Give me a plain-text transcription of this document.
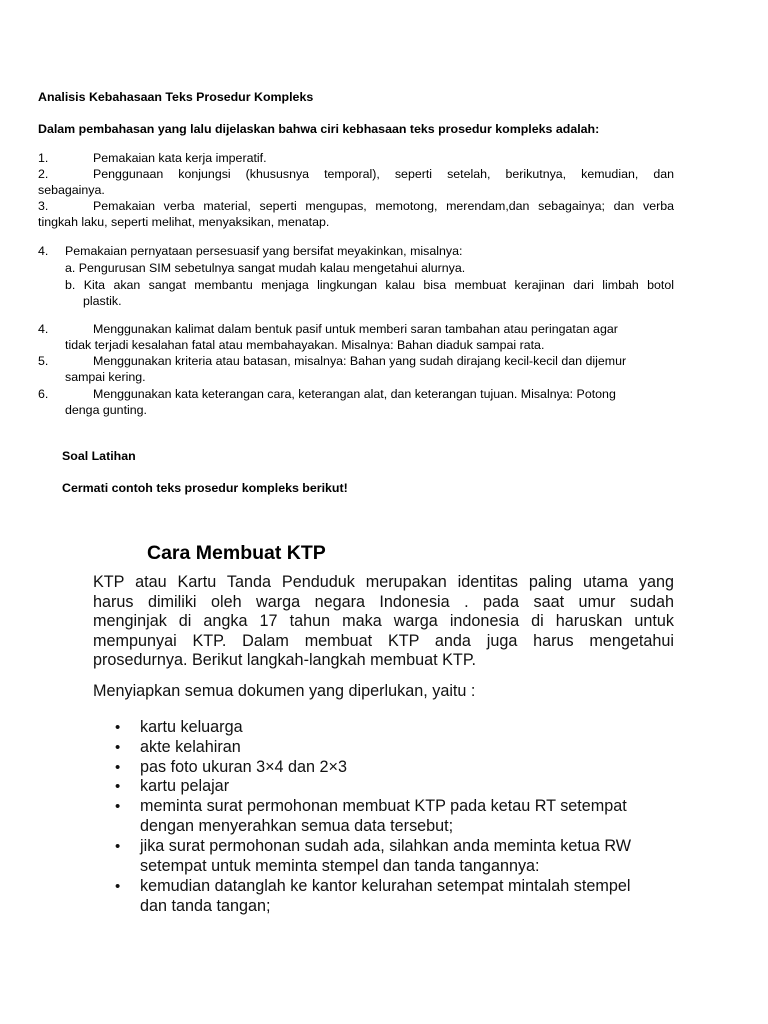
Analisis Kebahasaan Teks Prosedur Kompleks
Dalam pembahasan yang lalu dijelaskan bahwa ciri kebhasaan teks prosedur kompleks adalah:
1.	Pemakaian kata kerja imperatif.
2.	Penggunaan konjungsi (khususnya temporal), seperti setelah, berikutnya, kemudian, dan
sebagainya.
3.	Pemakaian verba material, seperti mengupas, memotong, merendam,dan sebagainya; dan verba
tingkah laku, seperti melihat, menyaksikan, menatap.
4. Pemakaian pernyataan persesuasif yang bersifat meyakinkan, misalnya:
a. Pengurusan SIM sebetulnya sangat mudah kalau mengetahui alurnya.
b. Kita akan sangat membantu menjaga lingkungan kalau bisa membuat kerajinan dari limbah botol
plastik.
4.	Menggunakan kalimat dalam bentuk pasif untuk memberi saran tambahan atau peringatan agar
tidak terjadi kesalahan fatal atau membahayakan. Misalnya: Bahan diaduk sampai rata.
5.	Menggunakan kriteria atau batasan, misalnya: Bahan yang sudah dirajang kecil-kecil dan dijemur
sampai kering.
6.	Menggunakan kata keterangan cara, keterangan alat, dan keterangan tujuan. Misalnya: Potong
denga gunting.
Soal Latihan
Cermati contoh teks prosedur kompleks berikut!
Cara Membuat KTP
KTP atau Kartu Tanda Penduduk merupakan identitas paling utama yang
harus dimiliki oleh warga negara Indonesia . pada saat umur sudah
menginjak di angka 17 tahun maka warga indonesia di haruskan untuk
mempunyai KTP. Dalam membuat KTP anda juga harus mengetahui
prosedurnya. Berikut langkah-langkah membuat KTP.
Menyiapkan semua dokumen yang diperlukan, yaitu :
• kartu keluarga
• akte kelahiran
• pas foto ukuran 3×4 dan 2×3
• kartu pelajar
• meminta surat permohonan membuat KTP pada ketau RT setempat
dengan menyerahkan semua data tersebut;
• jika surat permohonan sudah ada, silahkan anda meminta ketua RW
setempat untuk meminta stempel dan tanda tangannya:
• kemudian datanglah ke kantor kelurahan setempat mintalah stempel
dan tanda tangan;
